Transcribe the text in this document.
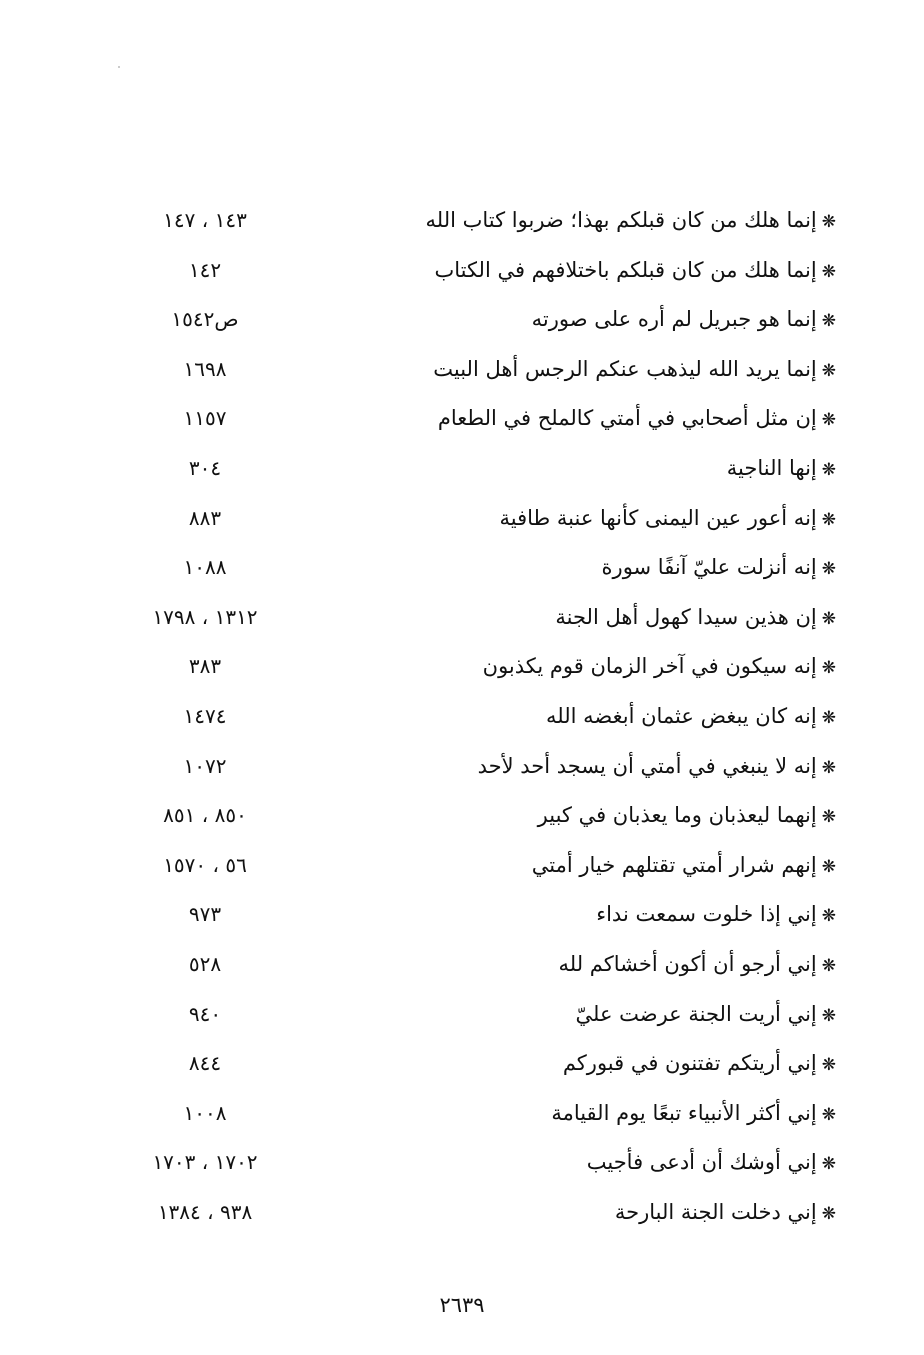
❋إنما هلك من كان قبلكم بهذا؛ ضربوا كتاب الله
١٤٣ ، ١٤٧
❋إنما هلك من كان قبلكم باختلافهم في الكتاب
١٤٢
❋إنما هو جبريل لم أره على صورته
ص١٥٤٢
❋إنما يريد الله ليذهب عنكم الرجس أهل البيت
١٦٩٨
❋إن مثل أصحابي في أمتي كالملح في الطعام
١١٥٧
❋إنها الناجية
٣٠٤
❋إنه أعور عين اليمنى كأنها عنبة طافية
٨٨٣
❋إنه أنزلت عليّ آنفًا سورة
١٠٨٨
❋إن هذين سيدا كهول أهل الجنة
١٣١٢ ، ١٧٩٨
❋إنه سيكون في آخر الزمان قوم يكذبون
٣٨٣
❋إنه كان يبغض عثمان أبغضه الله
١٤٧٤
❋إنه لا ينبغي في أمتي أن يسجد أحد لأحد
١٠٧٢
❋إنهما ليعذبان وما يعذبان في كبير
٨٥٠ ، ٨٥١
❋إنهم شرار أمتي تقتلهم خيار أمتي
٥٦ ، ١٥٧٠
❋إني إذا خلوت سمعت نداء
٩٧٣
❋إني أرجو أن أكون أخشاكم لله
٥٢٨
❋إني أريت الجنة عرضت عليّ
٩٤٠
❋إني أريتكم تفتنون في قبوركم
٨٤٤
❋إني أكثر الأنبياء تبعًا يوم القيامة
١٠٠٨
❋إني أوشك أن أدعى فأجيب
١٧٠٢ ، ١٧٠٣
❋إني دخلت الجنة البارحة
٩٣٨ ، ١٣٨٤
٢٦٣٩
